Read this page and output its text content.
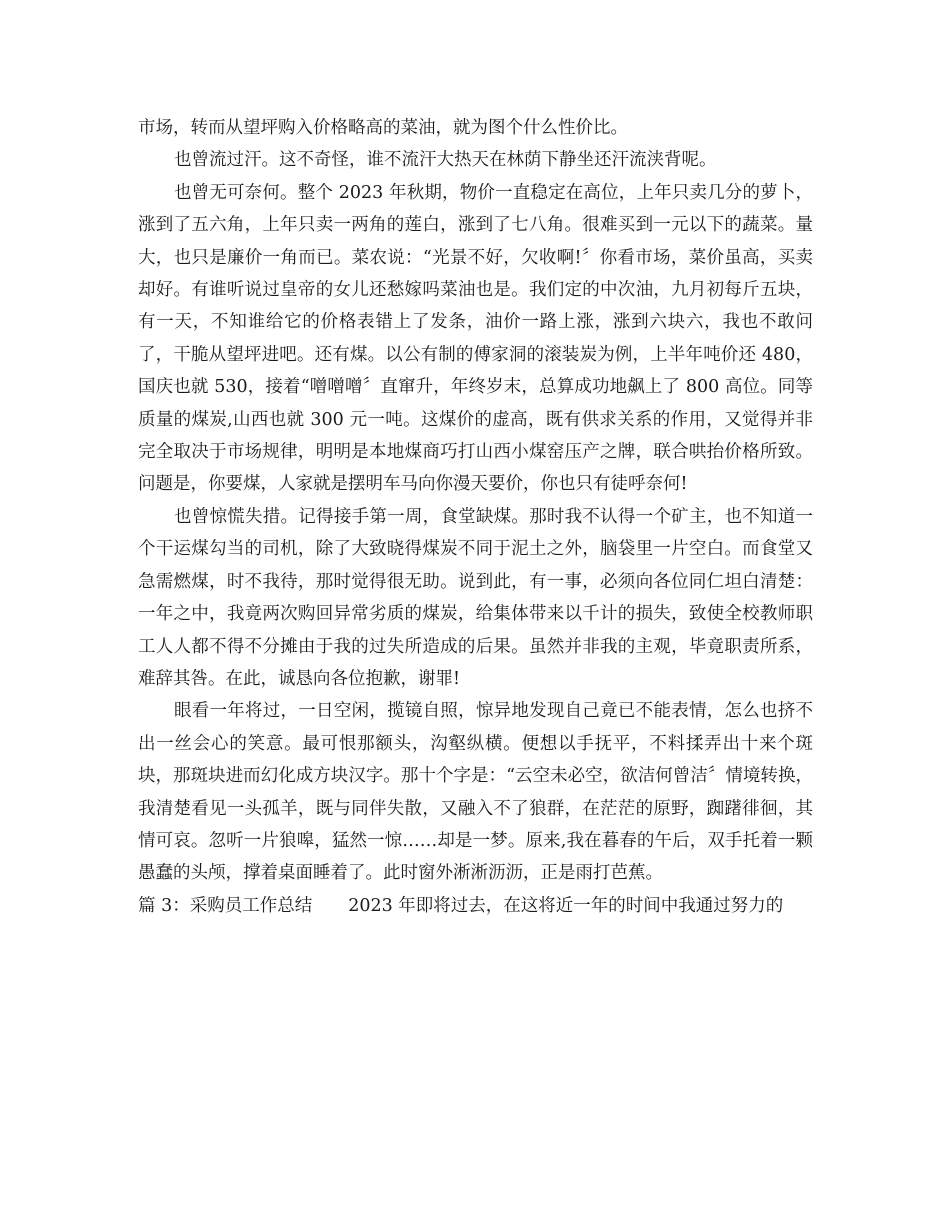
市场，转而从望坪购入价格略高的菜油，就为图个什么性价比。

也曾流过汗。这不奇怪，谁不流汗大热天在林荫下静坐还汗流浃背呢。

也曾无可奈何。整个 2023 年秋期，物价一直稳定在高位，上年只卖几分的萝卜，涨到了五六角，上年只卖一两角的莲白，涨到了七八角。很难买到一元以下的蔬菜。量大，也只是廉价一角而已。菜农说：“光景不好，欠收啊!〞你看市场，菜价虽高，买卖却好。有谁听说过皇帝的女儿还愁嫁吗菜油也是。我们定的中次油，九月初每斤五块，有一天，不知谁给它的价格表错上了发条，油价一路上涨，涨到六块六，我也不敢问了，干脆从望坪进吧。还有煤。以公有制的傅家洞的滚装炭为例，上半年吨价还 480，国庆也就 530，接着“噌噌噌〞直窜升，年终岁末，总算成功地飙上了 800 高位。同等质量的煤炭,山西也就 300 元一吨。这煤价的虚高，既有供求关系的作用，又觉得并非完全取决于市场规律，明明是本地煤商巧打山西小煤窑压产之牌，联合哄抬价格所致。问题是，你要煤，人家就是摆明车马向你漫天要价，你也只有徒呼奈何!

也曾惊慌失措。记得接手第一周，食堂缺煤。那时我不认得一个矿主，也不知道一个干运煤勾当的司机，除了大致晓得煤炭不同于泥土之外，脑袋里一片空白。而食堂又急需燃煤，时不我待，那时觉得很无助。说到此，有一事，必须向各位同仁坦白清楚：一年之中，我竟两次购回异常劣质的煤炭，给集体带来以千计的损失，致使全校教师职工人人都不得不分摊由于我的过失所造成的后果。虽然并非我的主观，毕竟职责所系，难辞其咎。在此，诚恳向各位抱歉，谢罪!

眼看一年将过，一日空闲，揽镜自照，惊异地发现自己竟已不能表情，怎么也挤不出一丝会心的笑意。最可恨那额头，沟壑纵横。便想以手抚平，不料揉弄出十来个斑块，那斑块进而幻化成方块汉字。那十个字是：“云空未必空，欲洁何曾洁〞情境转换，我清楚看见一头孤羊，既与同伴失散，又融入不了狼群，在茫茫的原野，踟躇徘徊，其情可哀。忽听一片狼嗥，猛然一惊……却是一梦。原来,我在暮春的午后，双手托着一颗愚蠢的头颅，撑着桌面睡着了。此时窗外淅淅沥沥，正是雨打芭蕉。

篇 3：采购员工作总结 2023 年即将过去，在这将近一年的时间中我通过努力的
